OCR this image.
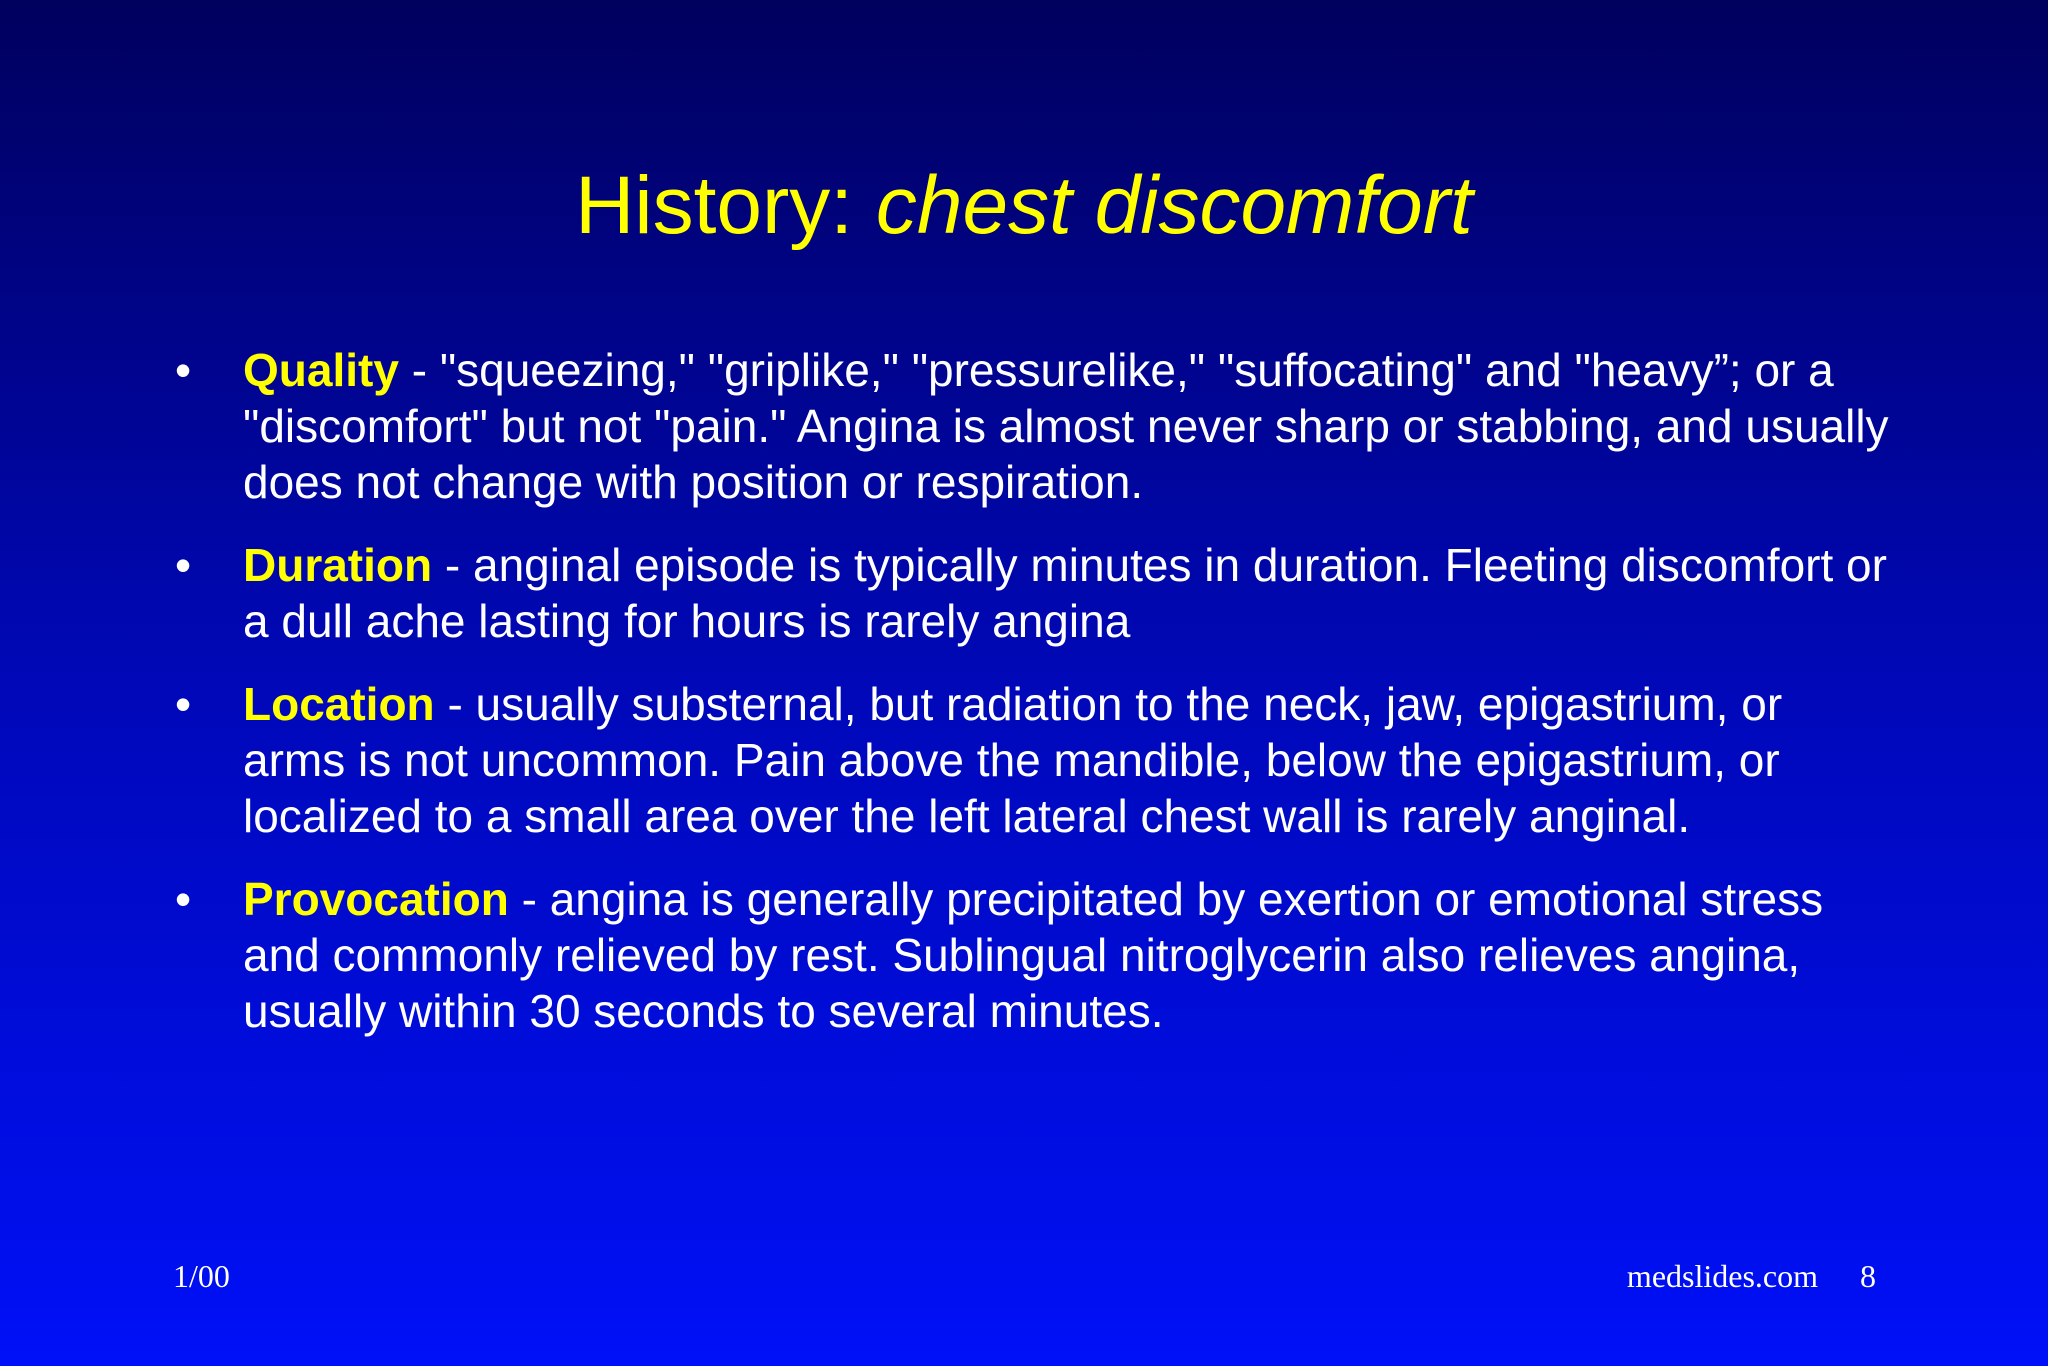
History: chest discomfort
• Quality - "squeezing," "griplike," "pressurelike," "suffocating" and "heavy”; or a "discomfort" but not "pain." Angina is almost never sharp or stabbing, and usually does not change with position or respiration.
• Duration - anginal episode is typically minutes in duration. Fleeting discomfort or a dull ache lasting for hours is rarely angina
• Location - usually substernal, but radiation to the neck, jaw, epigastrium, or arms is not uncommon. Pain above the mandible, below the epigastrium, or localized to a small area over the left lateral chest wall is rarely anginal.
• Provocation - angina is generally precipitated by exertion or emotional stress and commonly relieved by rest. Sublingual nitroglycerin also relieves angina, usually within 30 seconds to several minutes.
1/00	medslides.com 8
